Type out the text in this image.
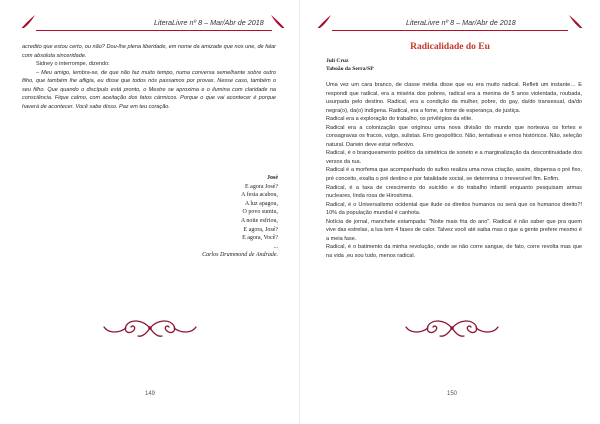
LiteraLivre nº 8 – Mar/Abr de 2018

acredito que estou certo, ou não? Dou-lhe plena liberdade, em nome da amizade que nos une, de falar com absoluta sinceridade.

Sidney o interrompe, dizendo:

– Meu amigo, lembra-se, de que não faz muito tempo, numa conversa semelhante sobre outro filho, que também lhe afligia, eu disse que todos nós passamos por provas. Nesse caso, também o seu filho. Que quando o discípulo está pronto, o Mestre se aproxima e o ilumina com claridade na consciência. Fique calmo, com aceitação dos fatos cármicos. Porque o que vai acontecer é porque haverá de acontecer. Você sabe disso. Paz em teu coração.

José
E agora José?
A festa acabou,
A luz apagou,
O povo sumiu,
A noite esfriou,
E agora, José?
E agora, Você?
...
Carlos Drummond de Andrade.
149
LiteraLivre nº 8 – Mar/Abr de 2018
Radicalidade do Eu
Juli Cruz
Taboão da Serra/SP

Uma vez um cara branco, de classe média disse que eu era muito radical. Refleti um instante… E respondi que radical, era a miséria dos pobres, radical era a menina de 5 anos violentada, roubada, usurpada pelo destino. Radical, era a condição da mulher, pobre, do gay, da/do transexual, da/do negra(o), da(o) indígena. Radical, era a fome, a fome de esperança, de justiça.

Radical era a exploração do trabalho, os privilégios da elite.

Radical era a colonização que originou uma nova divisão do mundo que norteava os fortes e consagravas os fracos, vulgo, sulistas. Erro geopolítico. Não, tentativas e erros históricos. Não, seleção natural. Darwin deve estar reflexivo.

Radical, é o branqueamento poético da simétrica de soneto e a marginalização da descontinuidade dos versos da rua.

Radical é a morfema que acompanhado do sufixo realiza uma nova criação, assim, dispensa o pré fixo, pré conceito, exalta o pré destino e por fatalidade social, se determina o irreversível fim. Enfim.

Radical, é a taxa de crescimento do suicídio e do trabalho infantil enquanto pesquisam armas nucleares, linda rosa de Hiroshima.

Radical, é o Universalismo ocidental que ilude os direitos humanos ou será que os humanos direito?! 10% da população mundial é canhota.

Notícia de jornal, manchete estampada: "Noite mais fria do ano". Radical é não saber que pra quem vive das estrelas, a lua tem 4 fases de calor. Talvez você até saiba mas o que a gente prefere mesmo é a meia fase.

Radical, é o batimento da minha revolução, onde se não corre sangue, de fato, corre revolta mas que na vida ,eu sou tudo, menos radical.

150
